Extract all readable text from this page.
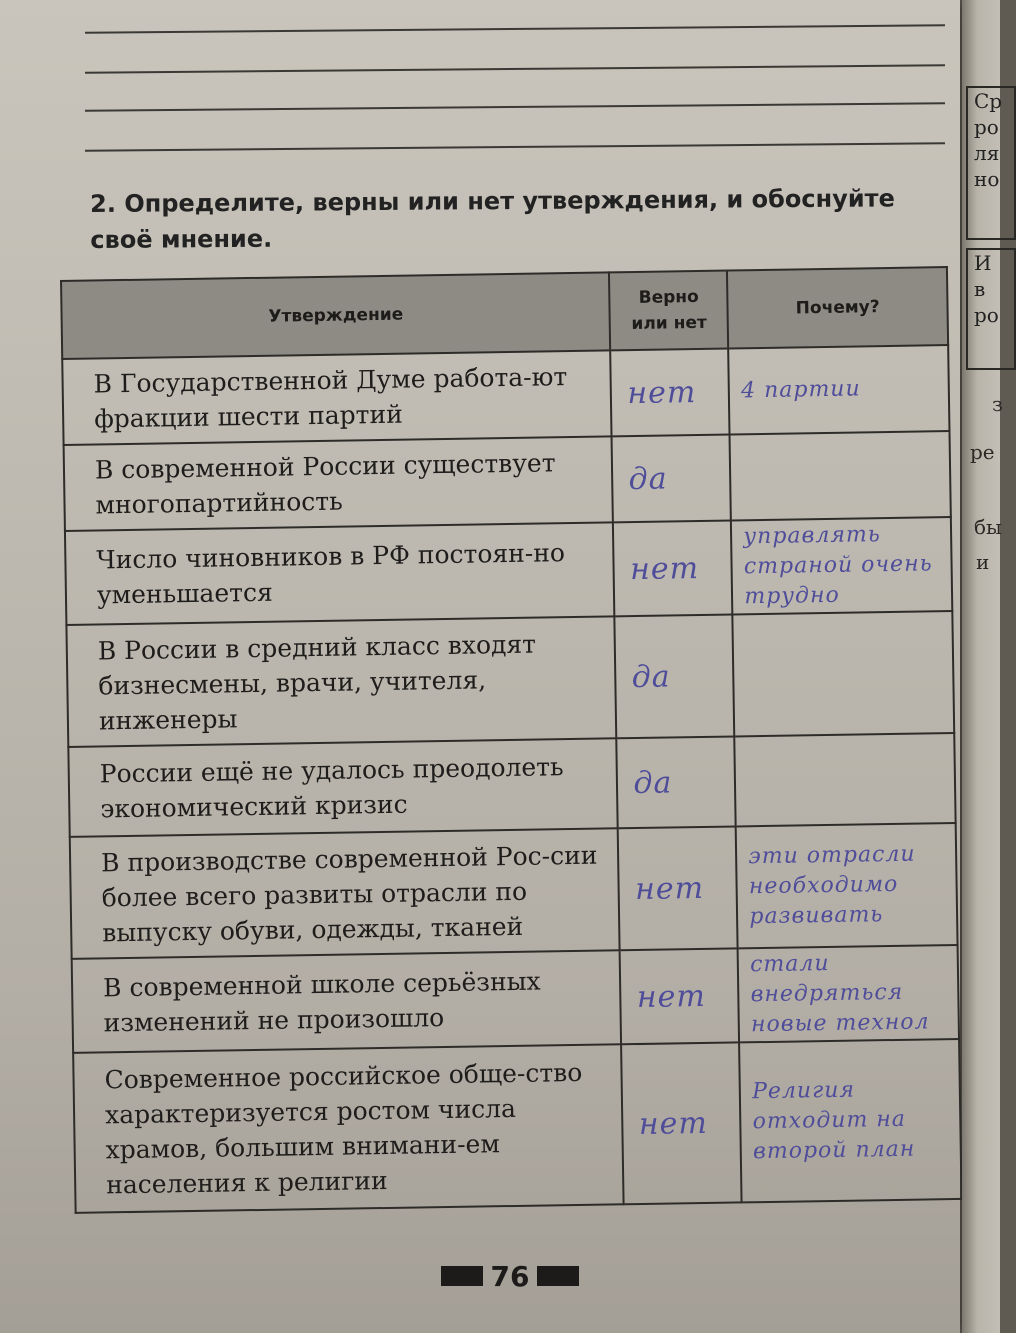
2. Определите, верны или нет утверждения, и обоснуйте
своё мнение.
Утверждение	Верно или нет	Почему?
В Государственной Думе работа-ют фракции шести партий	нет	4 партии

В современной России существует многопартийность	да	

Число чиновников в РФ постоян-но уменьшается	нет	управлять страной очень трудно

В России в средний класс входят бизнесмены, врачи, учителя, инженеры	да	

России ещё не удалось преодолеть экономический кризис	да	

В производстве современной Рос-сии более всего развиты отрасли по выпуску обуви, одежды, тканей	нет	эти отрасли необходимо развивать

В современной школе серьёзных изменений не произошло	нет	стали внедряться новые технол

Современное российское обще-ство характеризуется ростом числа храмов, большим внимани-ем населения к религии	нет	Религия отходит на второй план
76
Ср
ро
ля
но
И
в
ро
з
ре
бы
и
